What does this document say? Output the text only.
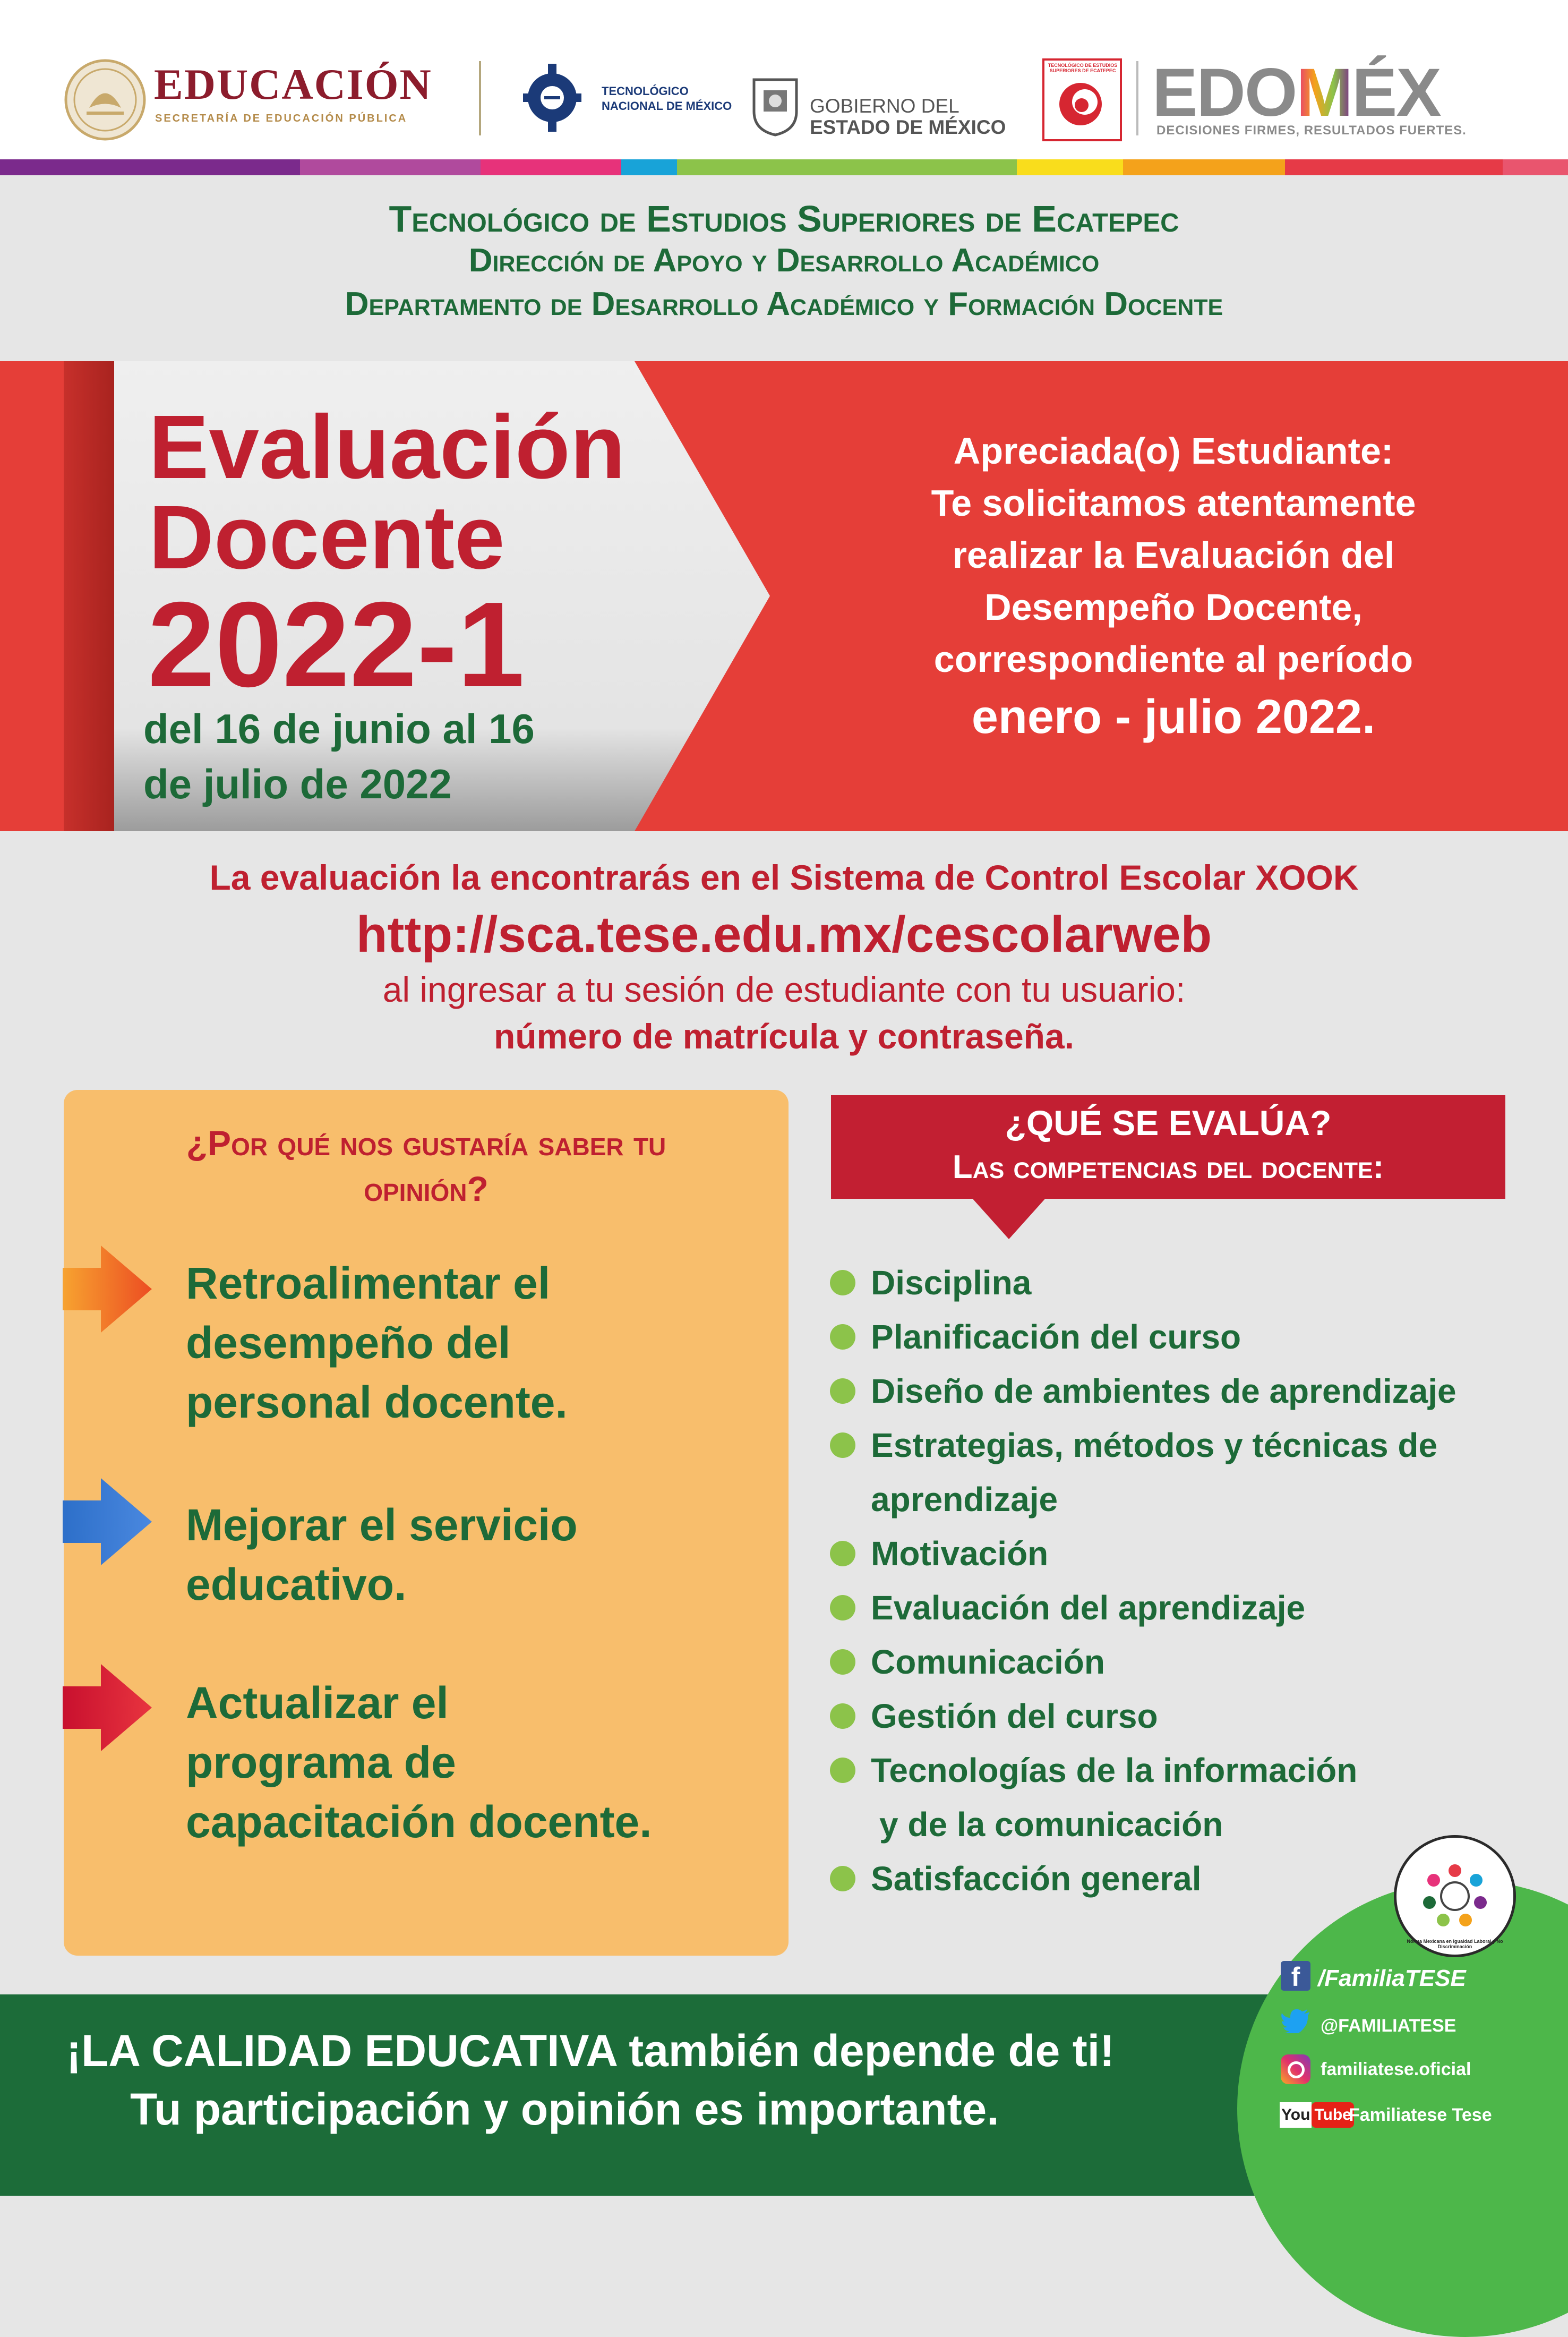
EDUCACIÓN
SECRETARÍA DE EDUCACIÓN PÚBLICA
TECNOLÓGICO
NACIONAL DE MÉXICO	GOBIERNO DEL
ESTADO DE MÉXICO
TECNOLÓGICO DE ESTUDIOS SUPERIORES DE ECATEPEC EDOMÉX
DECISIONES FIRMES, RESULTADOS FUERTES.
Tecnológico de Estudios Superiores de Ecatepec
Dirección de Apoyo y Desarrollo Académico
Departamento de Desarrollo Académico y Formación Docente
Evaluación
Docente
2022-1
del 16 de junio al 16
de julio de 2022
Apreciada(o) Estudiante:
Te solicitamos atentamente
realizar la Evaluación del
Desempeño Docente,
correspondiente al período
enero - julio 2022.
La evaluación la encontrarás en el Sistema de Control Escolar XOOK
http://sca.tese.edu.mx/cescolarweb
al ingresar a tu sesión de estudiante con tu usuario:
número de matrícula y contraseña.
¿Por qué nos gustaría saber tu
opinión?
Retroalimentar el
desempeño del
personal docente.
Mejorar el servicio
educativo.
Actualizar el
programa de
capacitación docente.
¿QUÉ SE EVALÚA?
Las competencias del docente:
Disciplina
Planificación del curso
Diseño de ambientes de aprendizaje
Estrategias, métodos y técnicas de
aprendizaje
Motivación
Evaluación del aprendizaje
Comunicación
Gestión del curso
Tecnologías de la información
y de la comunicación
Satisfacción general
Norma Mexicana en Igualdad Laboral y No Discriminación
f /FamiliaTESE
@FAMILIATESE
familiatese.oficial
You Tube
Familiatese Tese
¡LA CALIDAD EDUCATIVA también depende de ti!
Tu participación y opinión es importante.
